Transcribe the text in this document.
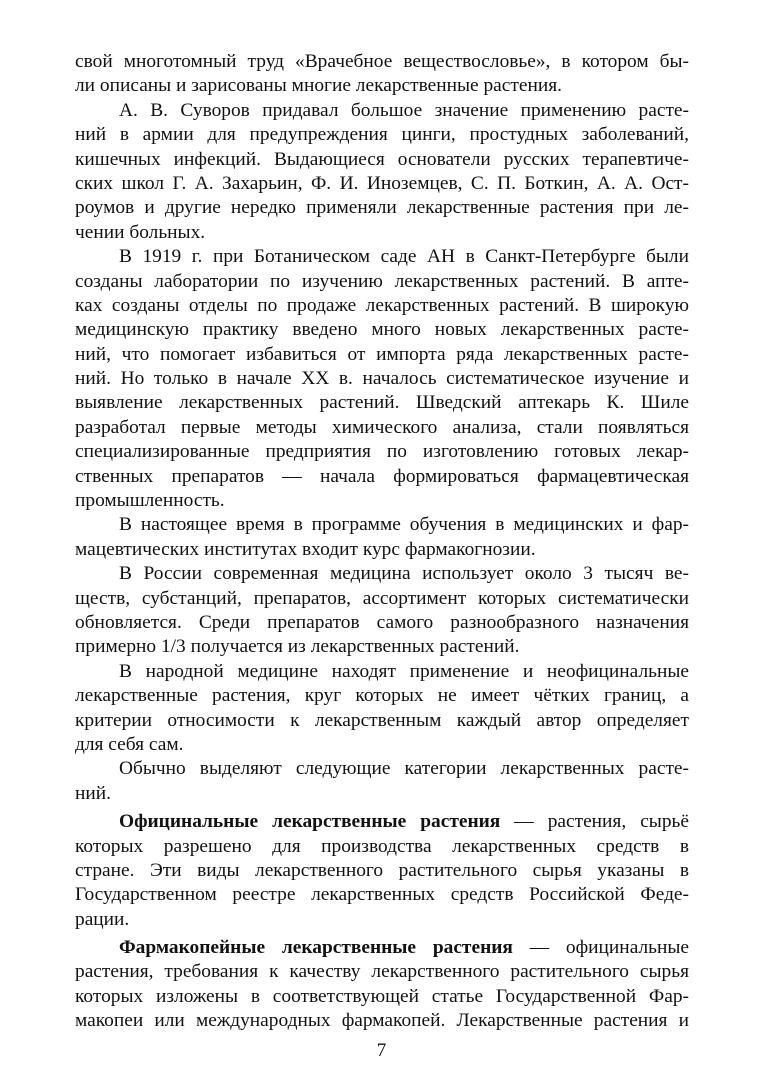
свой многотомный труд «Врачебное веществословье», в котором бы-
ли описаны и зарисованы многие лекарственные растения.
А. В. Суворов придавал большое значение применению расте-
ний в армии для предупреждения цинги, простудных заболеваний,
кишечных инфекций. Выдающиеся основатели русских терапевтиче-
ских школ Г. А. Захарьин, Ф. И. Иноземцев, С. П. Боткин, А. А. Ост-
роумов и другие нередко применяли лекарственные растения при ле-
чении больных.
В 1919 г. при Ботаническом саде АН в Санкт-Петербурге были
созданы лаборатории по изучению лекарственных растений. В апте-
ках созданы отделы по продаже лекарственных растений. В широкую
медицинскую практику введено много новых лекарственных расте-
ний, что помогает избавиться от импорта ряда лекарственных расте-
ний. Но только в начале XX в. началось систематическое изучение и
выявление лекарственных растений. Шведский аптекарь К. Шиле
разработал первые методы химического анализа, стали появляться
специализированные предприятия по изготовлению готовых лекар-
ственных препаратов — начала формироваться фармацевтическая
промышленность.
В настоящее время в программе обучения в медицинских и фар-
мацевтических институтах входит курс фармакогнозии.
В России современная медицина использует около 3 тысяч ве-
ществ, субстанций, препаратов, ассортимент которых систематически
обновляется. Среди препаратов самого разнообразного назначения
примерно 1/3 получается из лекарственных растений.
В народной медицине находят применение и неофицинальные
лекарственные растения, круг которых не имеет чётких границ, а
критерии относимости к лекарственным каждый автор определяет
для себя сам.
Обычно выделяют следующие категории лекарственных расте-
ний.
Официнальные лекарственные растения — растения, сырьё
которых разрешено для производства лекарственных средств в
стране. Эти виды лекарственного растительного сырья указаны в
Государственном реестре лекарственных средств Российской Феде-
рации.
Фармакопейные лекарственные растения — официнальные
растения, требования к качеству лекарственного растительного сырья
которых изложены в соответствующей статье Государственной Фар-
макопеи или международных фармакопей. Лекарственные растения и
7
